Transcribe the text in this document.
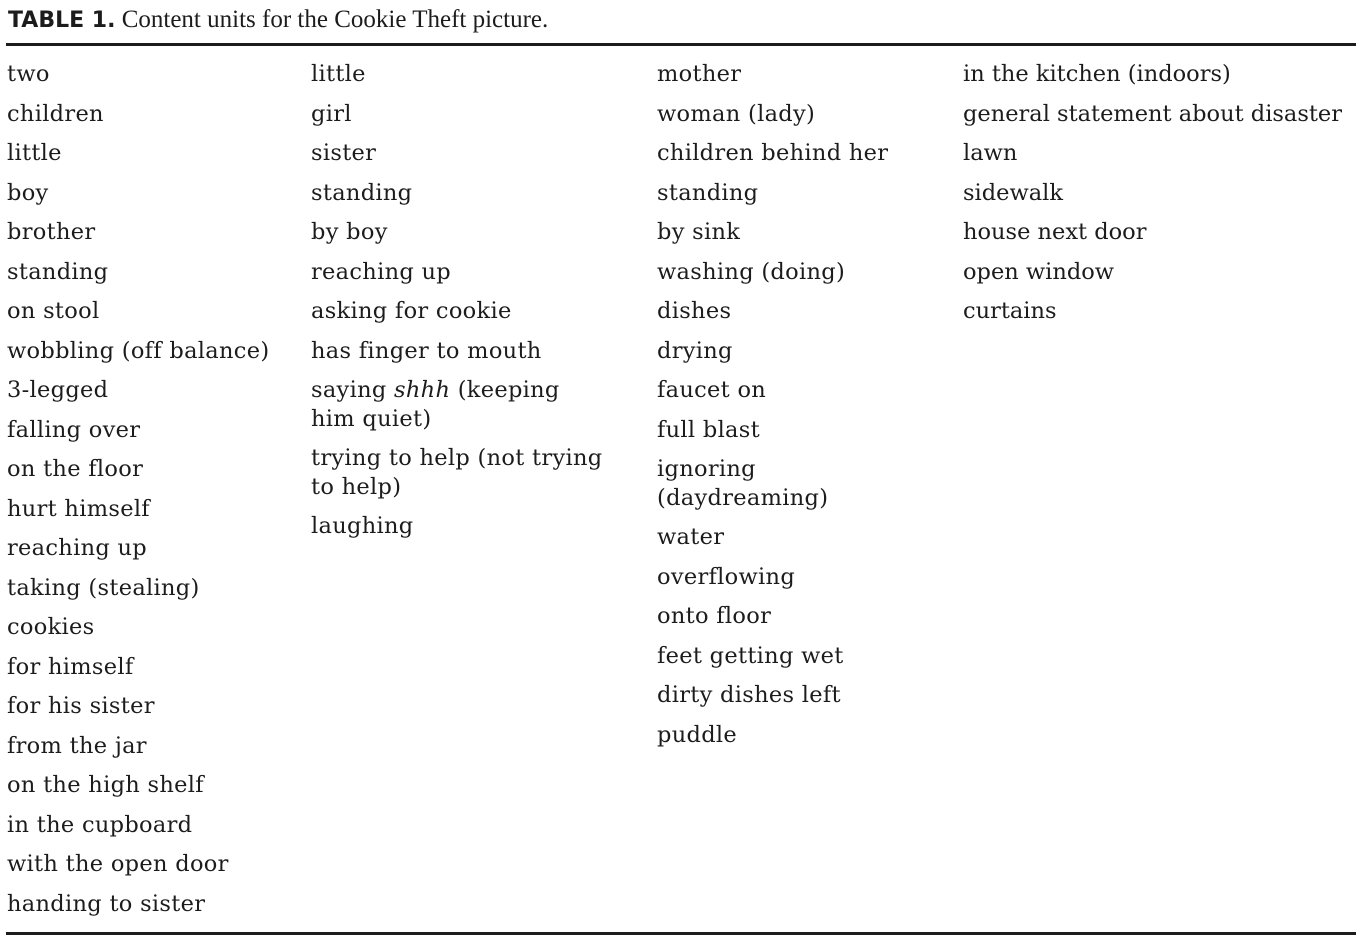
TABLE 1. Content units for the Cookie Theft picture.
two
children
little
boy
brother
standing
on stool
wobbling (off balance)
3-legged
falling over
on the floor
hurt himself
reaching up
taking (stealing)
cookies
for himself
for his sister
from the jar
on the high shelf
in the cupboard
with the open door
handing to sister
little
girl
sister
standing
by boy
reaching up
asking for cookie
has finger to mouth
saying shhh (keeping
him quiet)
trying to help (not trying
to help)
laughing
mother
woman (lady)
children behind her
standing
by sink
washing (doing)
dishes
drying
faucet on
full blast
ignoring
(daydreaming)
water
overflowing
onto floor
feet getting wet
dirty dishes left
puddle
in the kitchen (indoors)
general statement about disaster
lawn
sidewalk
house next door
open window
curtains
